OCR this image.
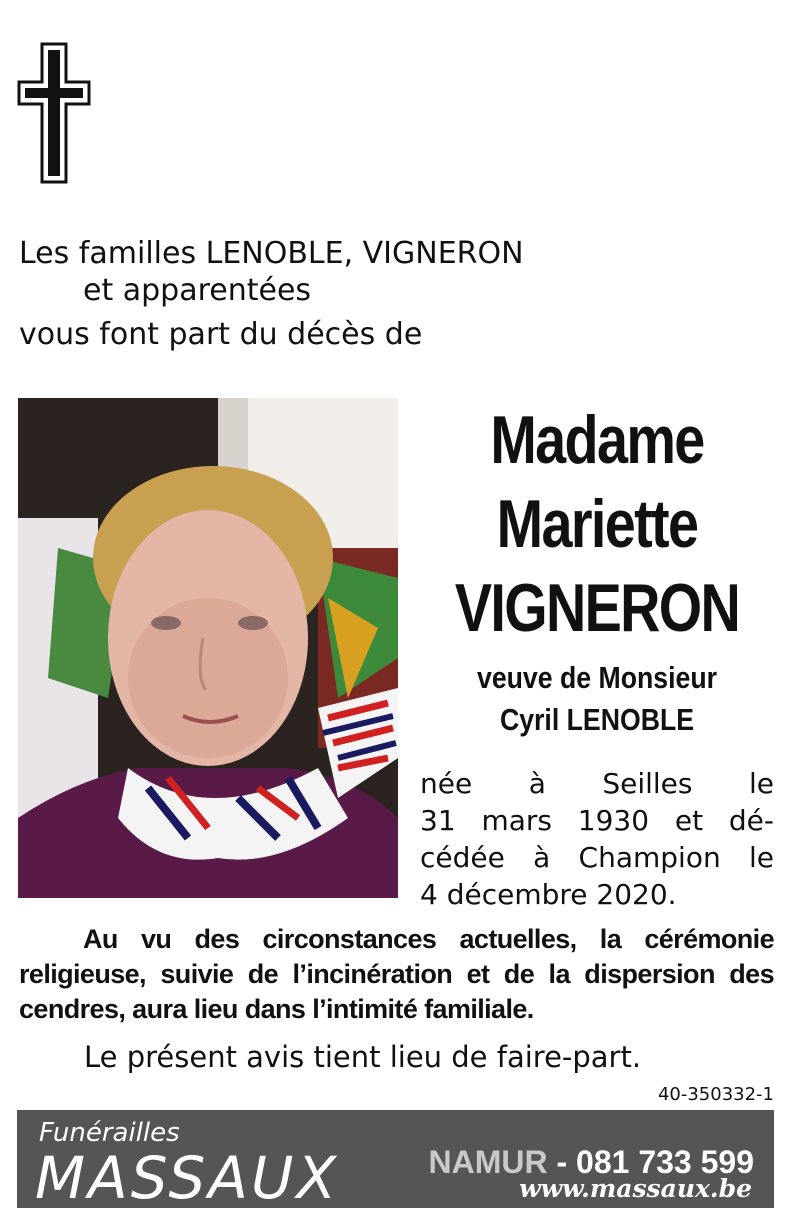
Les familles LENOBLE, VIGNERON
et apparentées
vous font part du décès de
Madame
Mariette
VIGNERON
veuve de Monsieur
Cyril LENOBLE
née à Seilles le
31 mars 1930 et dé-
cédée à Champion le
4 décembre 2020.
Au vu des circonstances actuelles, la cérémonie religieuse, suivie de l’incinération et de la dispersion des cendres, aura lieu dans l’intimité familiale.
Le présent avis tient lieu de faire-part.
40-350332-1
Funérailles
MASSAUX	NAMUR - 081 733 599
www.massaux.be
